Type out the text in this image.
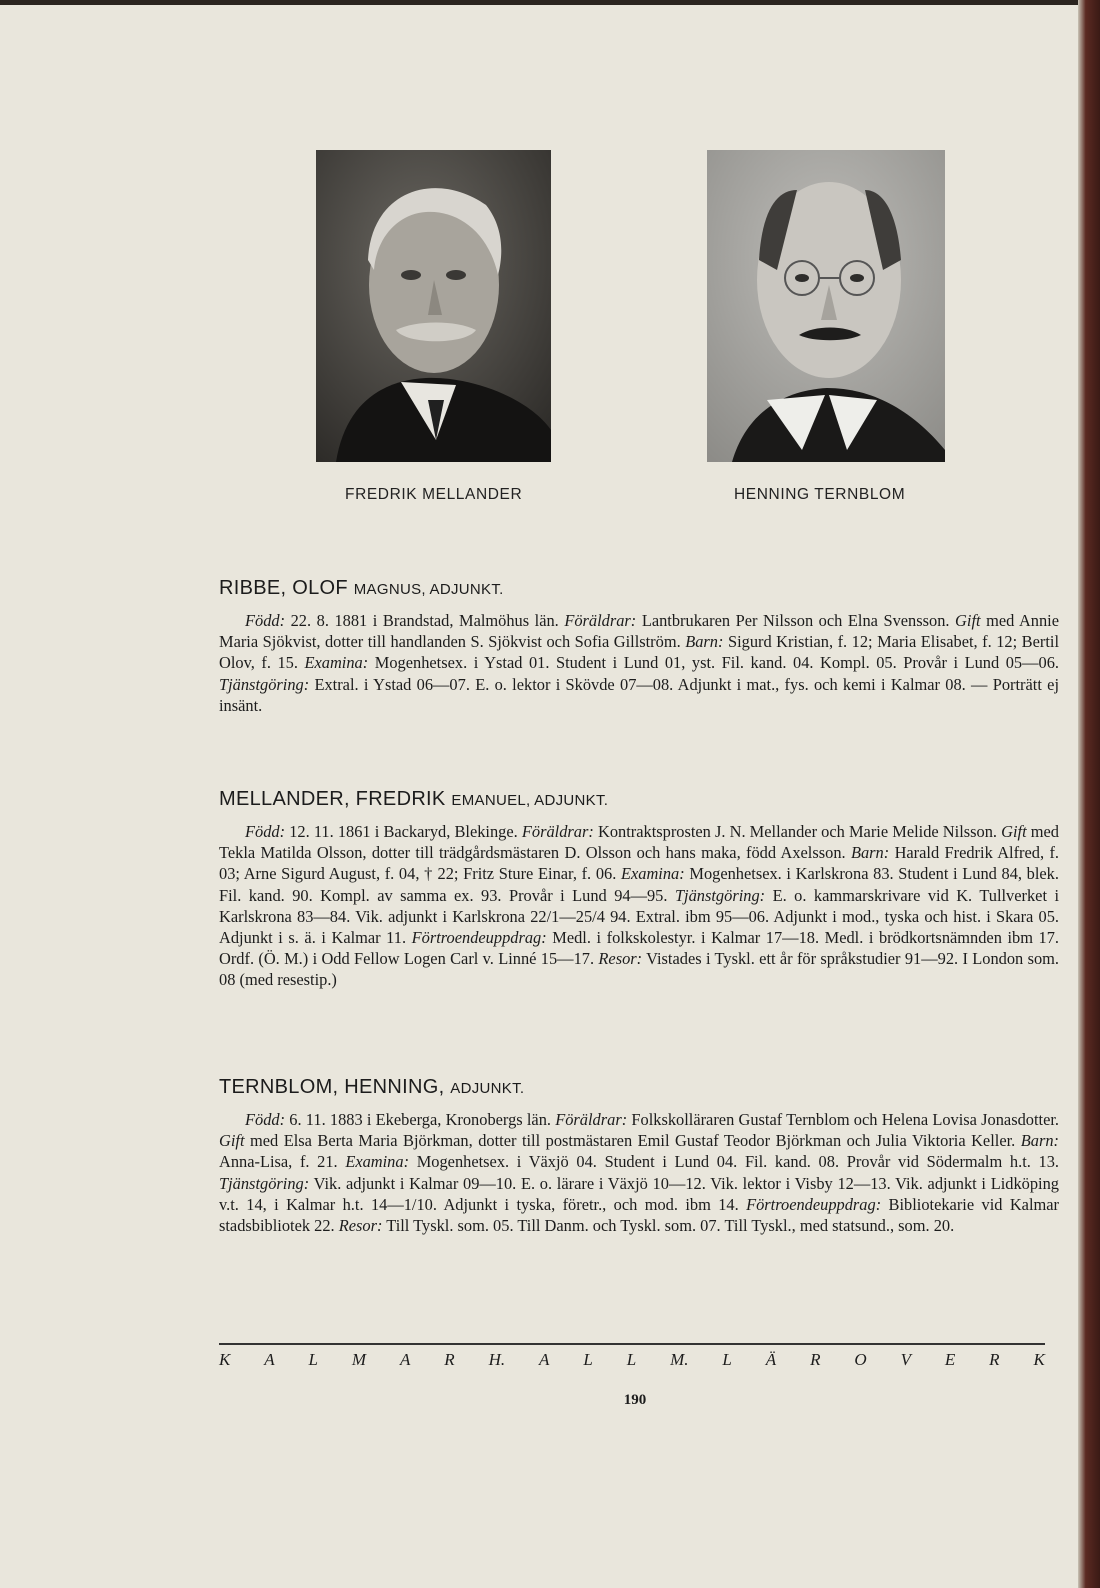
FREDRIK MELLANDER	HENNING TERNBLOM
RIBBE, OLOF MAGNUS, ADJUNKT.

Född: 22. 8. 1881 i Brandstad, Malmöhus län. Föräldrar: Lantbrukaren Per Nilsson och Elna Svensson. Gift med Annie Maria Sjökvist, dotter till handlanden S. Sjökvist och Sofia Gillström. Barn: Sigurd Kristian, f. 12; Maria Elisabet, f. 12; Bertil Olov, f. 15. Examina: Mogenhetsex. i Ystad 01. Student i Lund 01, yst. Fil. kand. 04. Kompl. 05. Provår i Lund 05—06. Tjänstgöring: Extral. i Ystad 06—07. E. o. lektor i Skövde 07—08. Adjunkt i mat., fys. och kemi i Kalmar 08. — Porträtt ej insänt.

MELLANDER, FREDRIK EMANUEL, ADJUNKT.

Född: 12. 11. 1861 i Backaryd, Blekinge. Föräldrar: Kontraktsprosten J. N. Mellander och Marie Melide Nilsson. Gift med Tekla Matilda Olsson, dotter till trädgårdsmästaren D. Olsson och hans maka, född Axelsson. Barn: Harald Fredrik Alfred, f. 03; Arne Sigurd August, f. 04, † 22; Fritz Sture Einar, f. 06. Examina: Mogenhetsex. i Karlskrona 83. Student i Lund 84, blek. Fil. kand. 90. Kompl. av samma ex. 93. Provår i Lund 94—95. Tjänstgöring: E. o. kammarskrivare vid K. Tullverket i Karlskrona 83—84. Vik. adjunkt i Karlskrona 22/1—25/4 94. Extral. ibm 95—06. Adjunkt i mod., tyska och hist. i Skara 05. Adjunkt i s. ä. i Kalmar 11. Förtroendeuppdrag: Medl. i folkskolestyr. i Kalmar 17—18. Medl. i brödkortsnämnden ibm 17. Ordf. (Ö. M.) i Odd Fellow Logen Carl v. Linné 15—17. Resor: Vistades i Tyskl. ett år för språkstudier 91—92. I London som. 08 (med resestip.)

TERNBLOM, HENNING, ADJUNKT.

Född: 6. 11. 1883 i Ekeberga, Kronobergs län. Föräldrar: Folkskolläraren Gustaf Ternblom och Helena Lovisa Jonasdotter. Gift med Elsa Berta Maria Björkman, dotter till postmästaren Emil Gustaf Teodor Björkman och Julia Viktoria Keller. Barn: Anna-Lisa, f. 21. Examina: Mogenhetsex. i Växjö 04. Student i Lund 04. Fil. kand. 08. Provår vid Södermalm h.t. 13. Tjänstgöring: Vik. adjunkt i Kalmar 09—10. E. o. lärare i Växjö 10—12. Vik. lektor i Visby 12—13. Vik. adjunkt i Lidköping v.t. 14, i Kalmar h.t. 14—1/10. Adjunkt i tyska, företr., och mod. ibm 14. Förtroendeuppdrag: Bibliotekarie vid Kalmar stadsbibliotek 22. Resor: Till Tyskl. som. 05. Till Danm. och Tyskl. som. 07. Till Tyskl., med statsund., som. 20.

K A L M A R H. A L L M. L Ä R O V E R K
190
